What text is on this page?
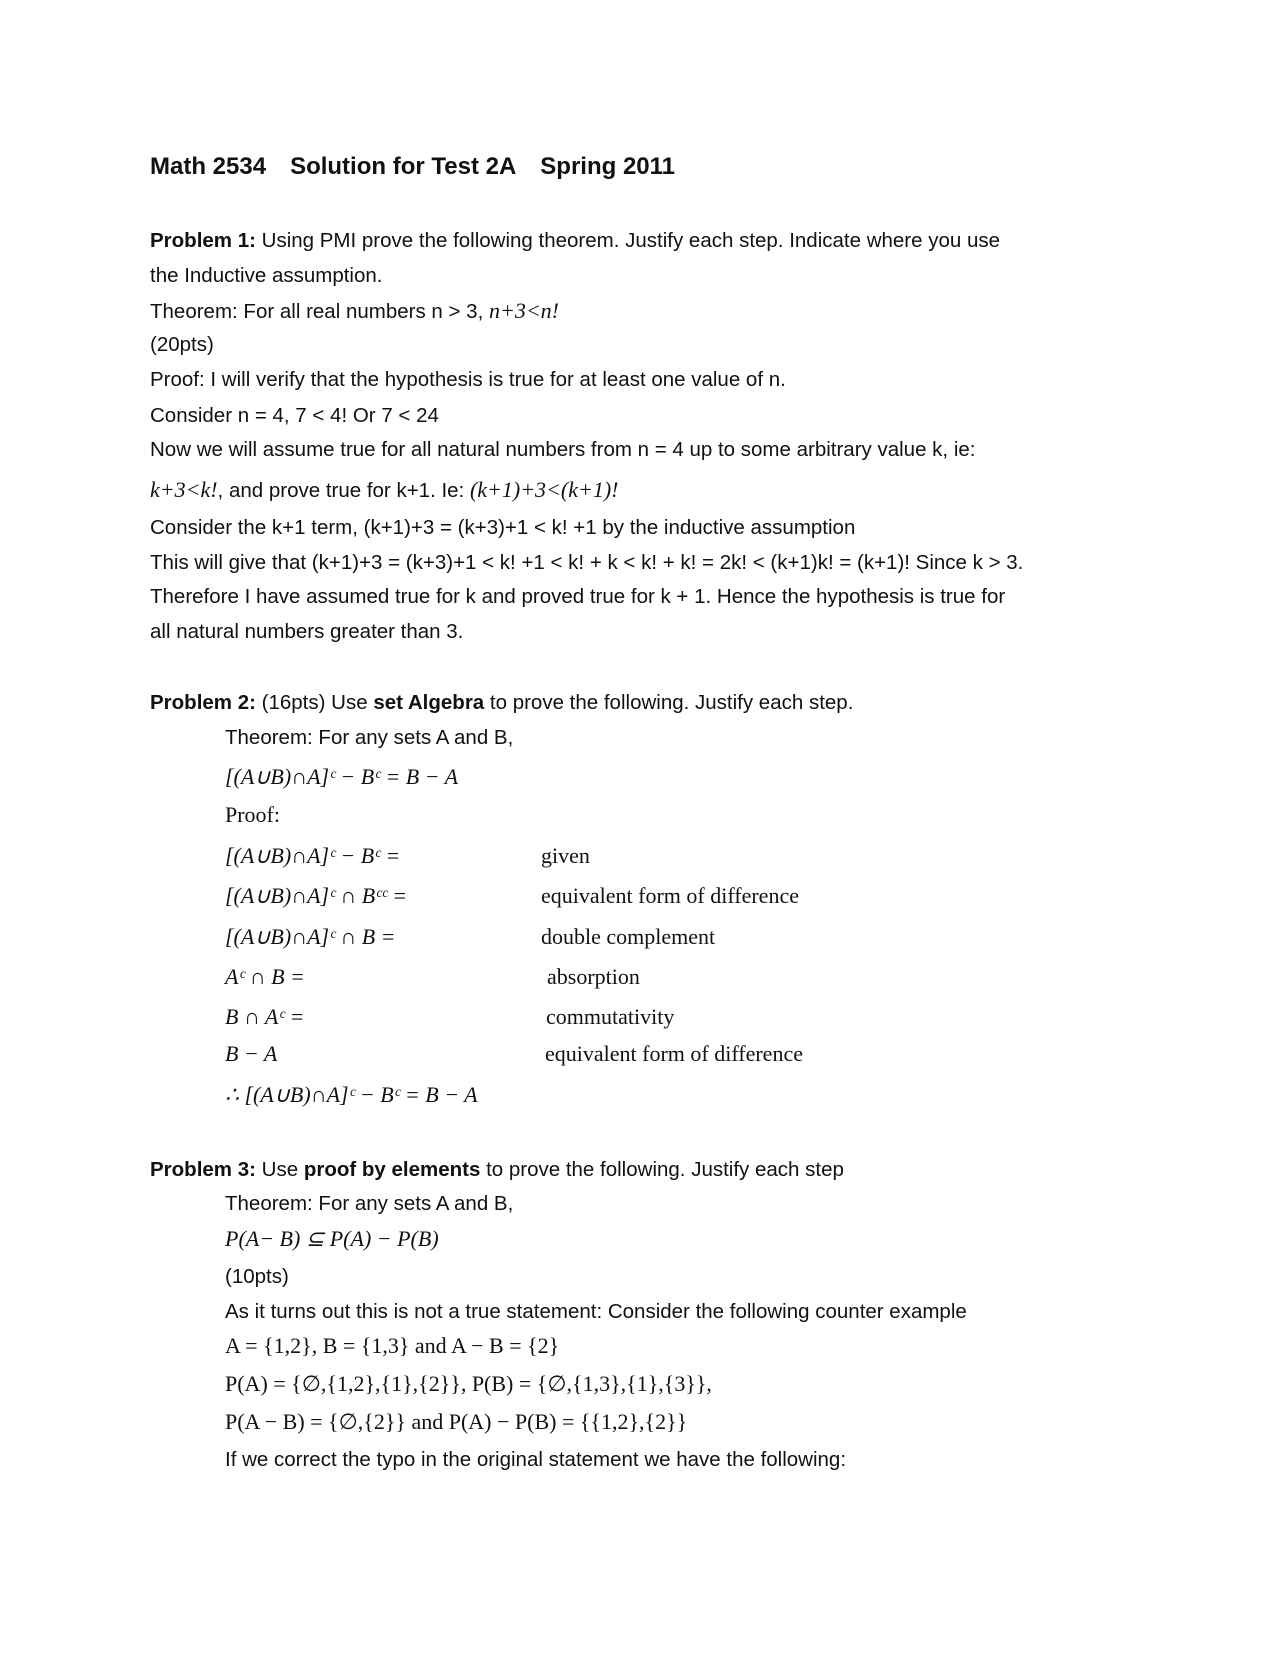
Math 2534 Solution for Test 2A Spring 2011
Problem 1: Using PMI prove the following theorem. Justify each step. Indicate where you use
the Inductive assumption.
Theorem: For all real numbers n > 3, n+3<n!
(20pts)
Proof: I will verify that the hypothesis is true for at least one value of n.
Consider n = 4, 7 < 4! Or 7 < 24
Now we will assume true for all natural numbers from n = 4 up to some arbitrary value k, ie:
k+3<k!, and prove true for k+1. Ie: (k+1)+3<(k+1)!
Consider the k+1 term, (k+1)+3 = (k+3)+1 < k! +1 by the inductive assumption
This will give that (k+1)+3 = (k+3)+1 < k! +1 < k! + k < k! + k! = 2k! < (k+1)k! = (k+1)! Since k > 3.
Therefore I have assumed true for k and proved true for k + 1. Hence the hypothesis is true for
all natural numbers greater than 3.
Problem 2: (16pts) Use set Algebra to prove the following. Justify each step.
Theorem: For any sets A and B,
[(A∪B)∩A]ᶜ − Bᶜ = B − A
Proof:
[(A∪B)∩A]ᶜ − Bᶜ =	given
[(A∪B)∩A]ᶜ ∩ Bᶜᶜ =	equivalent form of difference
[(A∪B)∩A]ᶜ ∩ B =	double complement
Aᶜ ∩ B =	absorption
B ∩ Aᶜ =	commutativity
B − A	equivalent form of difference
∴ [(A∪B)∩A]ᶜ − Bᶜ = B − A
Problem 3: Use proof by elements to prove the following. Justify each step
Theorem: For any sets A and B,
P(A− B) ⊆ P(A) − P(B)
(10pts)
As it turns out this is not a true statement: Consider the following counter example
A = {1,2}, B = {1,3} and A − B = {2}
P(A) = {∅,{1,2},{1},{2}}, P(B) = {∅,{1,3},{1},{3}},
P(A − B) = {∅,{2}} and P(A) − P(B) = {{1,2},{2}}
If we correct the typo in the original statement we have the following:
